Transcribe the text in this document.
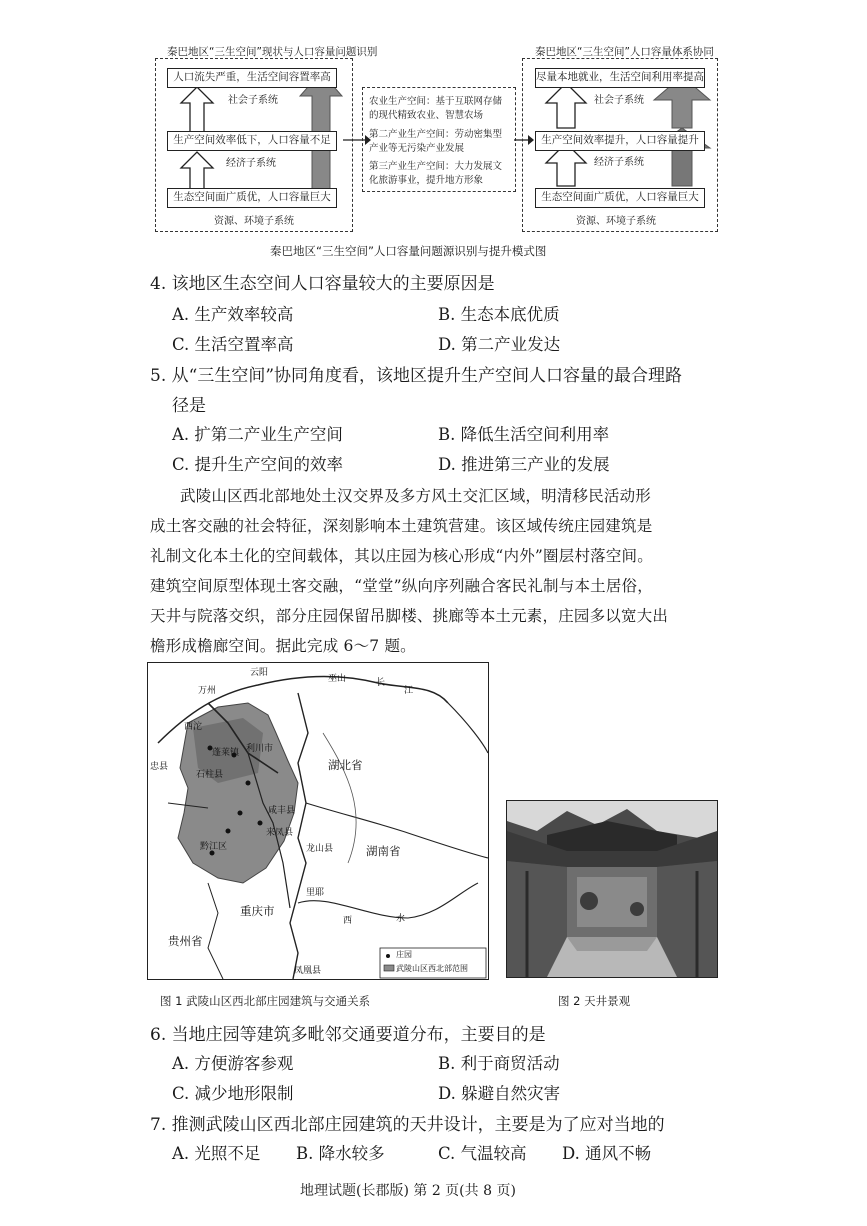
秦巴地区“三生空间”现状与人口容量问题识别
人口流失严重，生活空间容置率高
社会子系统
生产空间效率低下，人口容量不足
经济子系统
生态空间面广质优，人口容量巨大
资源、环境子系统
农业生产空间：基于互联网存储
的现代精致农业、智慧农场
第二产业生产空间：劳动密集型
产业等无污染产业发展
第三产业生产空间：大力发展文
化旅游事业，提升地方形象
秦巴地区“三生空间”人口容量体系协同
尽量本地就业，生活空间利用率提高
社会子系统
生产空间效率提升，人口容量提升
经济子系统
生态空间面广质优，人口容量巨大
资源、环境子系统
秦巴地区“三生空间”人口容量问题源识别与提升模式图
4. 该地区生态空间人口容量较大的主要原因是
A. 生产效率较高	B. 生态本底优质
C. 生活空置率高	D. 第二产业发达
5. 从“三生空间”协同角度看，该地区提升生产空间人口容量的最合理路
径是
A. 扩第二产业生产空间	B. 降低生活空间利用率
C. 提升生产空间的效率	D. 推进第三产业的发展

武陵山区西北部地处土汉交界及多方风土交汇区域，明清移民活动形

成土客交融的社会特征，深刻影响本土建筑营建。该区域传统庄园建筑是

礼制文化本土化的空间载体，其以庄园为核心形成“内外”圈层村落空间。

建筑空间原型体现土客交融，“堂堂”纵向序列融合客民礼制与本土居俗，

天井与院落交织，部分庄园保留吊脚楼、挑廊等本土元素，庄园多以宽大出

檐形成檐廊空间。据此完成 6～7 题。

云阳
巫山	长
江
万州
西沱
蓬莱镇 利川市
忠县
石柱县
湖北省
咸丰县
来凤县
黔江区	龙山县	湖南省
重庆市
里耶
西	水
贵州省
凤凰县
庄园
武陵山区西北部范围
图 1 武陵山区西北部庄园建筑与交通关系	图 2 天井景观
6. 当地庄园等建筑多毗邻交通要道分布，主要目的是
A. 方便游客参观	B. 利于商贸活动
C. 减少地形限制	D. 躲避自然灾害
7. 推测武陵山区西北部庄园建筑的天井设计，主要是为了应对当地的
A. 光照不足 B. 降水较多	C. 气温较高 D. 通风不畅
地理试题(长郡版) 第 2 页(共 8 页)
